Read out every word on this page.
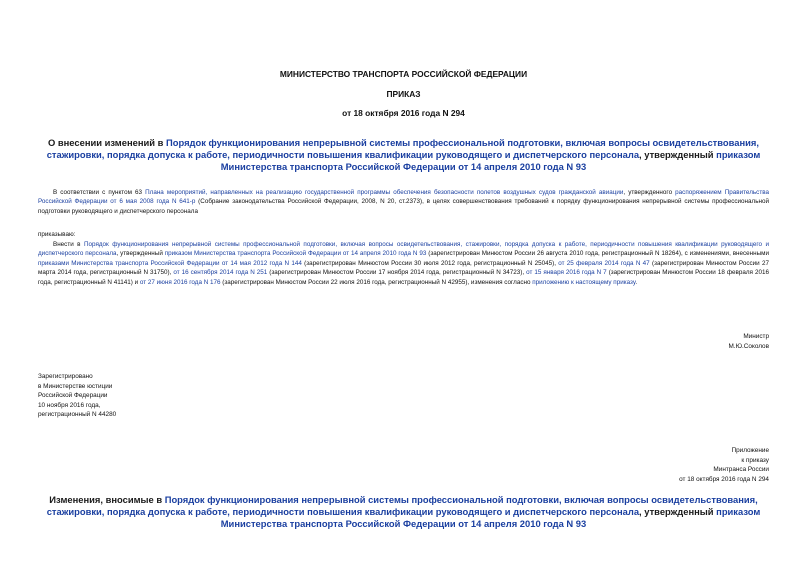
МИНИСТЕРСТВО ТРАНСПОРТА РОССИЙСКОЙ ФЕДЕРАЦИИ
ПРИКАЗ
от 18 октября 2016 года N 294
О внесении изменений в Порядок функционирования непрерывной системы профессиональной подготовки, включая вопросы освидетельствования, стажировки, порядка допуска к работе, периодичности повышения квалификации руководящего и диспетчерского персонала, утвержденный приказом Министерства транспорта Российской Федерации от 14 апреля 2010 года N 93
В соответствии с пунктом 63 Плана мероприятий, направленных на реализацию государственной программы обеспечения безопасности полетов воздушных судов гражданской авиации, утвержденного распоряжением Правительства Российской Федерации от 6 мая 2008 года N 641-р (Собрание законодательства Российской Федерации, 2008, N 20, ст.2373), в целях совершенствования требований к порядку функционирования непрерывной системы профессиональной подготовки руководящего и диспетчерского персонала
приказываю:
Внести в Порядок функционирования непрерывной системы профессиональной подготовки, включая вопросы освидетельствования, стажировки, порядка допуска к работе, периодичности повышения квалификации руководящего и диспетчерского персонала, утвержденный приказом Министерства транспорта Российской Федерации от 14 апреля 2010 года N 93 (зарегистрирован Минюстом России 26 августа 2010 года, регистрационный N 18264), с изменениями, внесенными приказами Министерства транспорта Российской Федерации от 14 мая 2012 года N 144 (зарегистрирован Минюстом России 30 июля 2012 года, регистрационный N 25045), от 25 февраля 2014 года N 47 (зарегистрирован Минюстом России 27 марта 2014 года, регистрационный N 31750), от 16 сентября 2014 года N 251 (зарегистрирован Минюстом России 17 ноября 2014 года, регистрационный N 34723), от 15 января 2016 года N 7 (зарегистрирован Минюстом России 18 февраля 2016 года, регистрационный N 41141) и от 27 июня 2016 года N 176 (зарегистрирован Минюстом России 22 июля 2016 года, регистрационный N 42955), изменения согласно приложению к настоящему приказу.
Министр
М.Ю.Соколов
Зарегистрировано
в Министерстве юстиции
Российской Федерации
10 ноября 2016 года,
регистрационный N 44280
Приложение
к приказу
Минтранса России
от 18 октября 2016 года N 294
Изменения, вносимые в Порядок функционирования непрерывной системы профессиональной подготовки, включая вопросы освидетельствования, стажировки, порядка допуска к работе, периодичности повышения квалификации руководящего и диспетчерского персонала, утвержденный приказом Министерства транспорта Российской Федерации от 14 апреля 2010 года N 93
